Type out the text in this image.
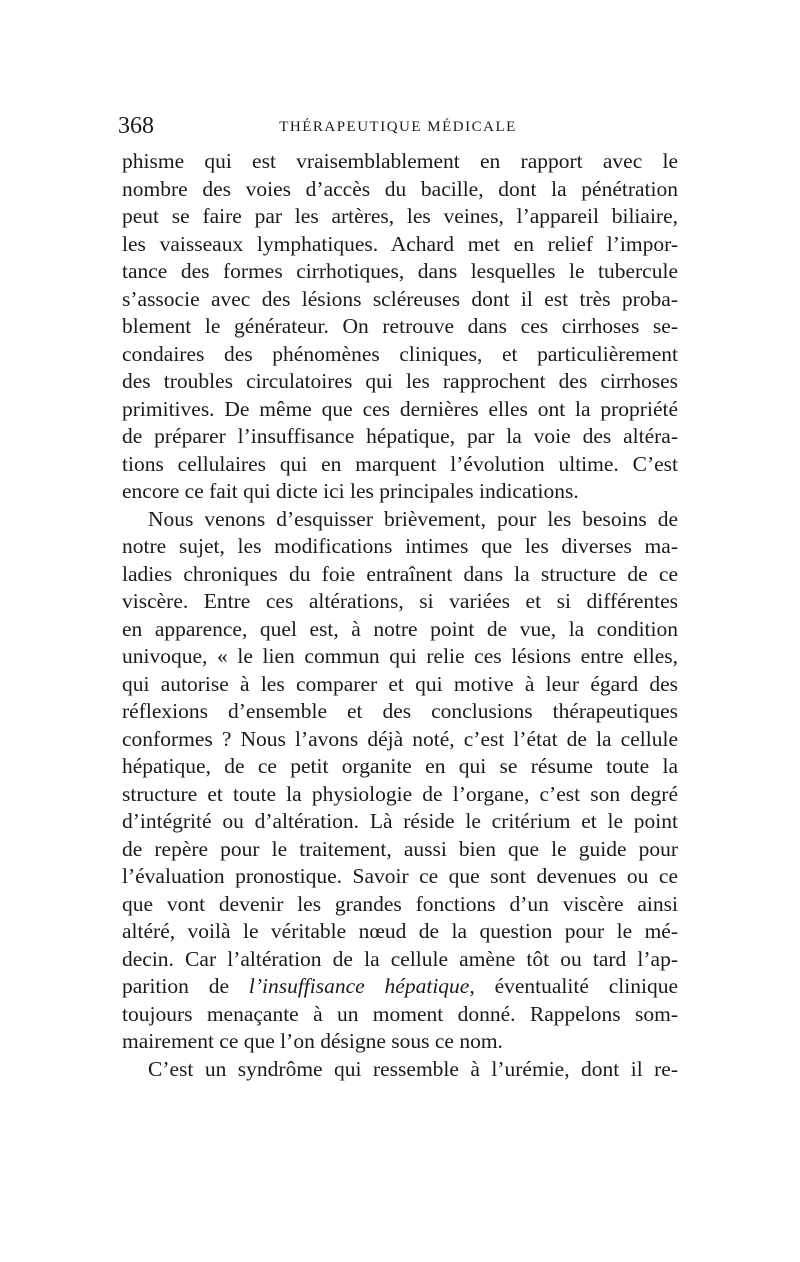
368	THÉRAPEUTIQUE MÉDICALE
phisme qui est vraisemblablement en rapport avec le
nombre des voies d’accès du bacille, dont la pénétration
peut se faire par les artères, les veines, l’appareil biliaire,
les vaisseaux lymphatiques. Achard met en relief l’impor-
tance des formes cirrhotiques, dans lesquelles le tubercule
s’associe avec des lésions scléreuses dont il est très proba-
blement le générateur. On retrouve dans ces cirrhoses se-
condaires des phénomènes cliniques, et particulièrement
des troubles circulatoires qui les rapprochent des cirrhoses
primitives. De même que ces dernières elles ont la propriété
de préparer l’insuffisance hépatique, par la voie des altéra-
tions cellulaires qui en marquent l’évolution ultime. C’est
encore ce fait qui dicte ici les principales indications.
Nous venons d’esquisser brièvement, pour les besoins de
notre sujet, les modifications intimes que les diverses ma-
ladies chroniques du foie entraînent dans la structure de ce
viscère. Entre ces altérations, si variées et si différentes
en apparence, quel est, à notre point de vue, la condition
univoque, « le lien commun qui relie ces lésions entre elles,
qui autorise à les comparer et qui motive à leur égard des
réflexions d’ensemble et des conclusions thérapeutiques
conformes ? Nous l’avons déjà noté, c’est l’état de la cellule
hépatique, de ce petit organite en qui se résume toute la
structure et toute la physiologie de l’organe, c’est son degré
d’intégrité ou d’altération. Là réside le critérium et le point
de repère pour le traitement, aussi bien que le guide pour
l’évaluation pronostique. Savoir ce que sont devenues ou ce
que vont devenir les grandes fonctions d’un viscère ainsi
altéré, voilà le véritable nœud de la question pour le mé-
decin. Car l’altération de la cellule amène tôt ou tard l’ap-
parition de l’insuffisance hépatique, éventualité clinique
toujours menaçante à un moment donné. Rappelons som-
mairement ce que l’on désigne sous ce nom.
C’est un syndrôme qui ressemble à l’urémie, dont il re-
